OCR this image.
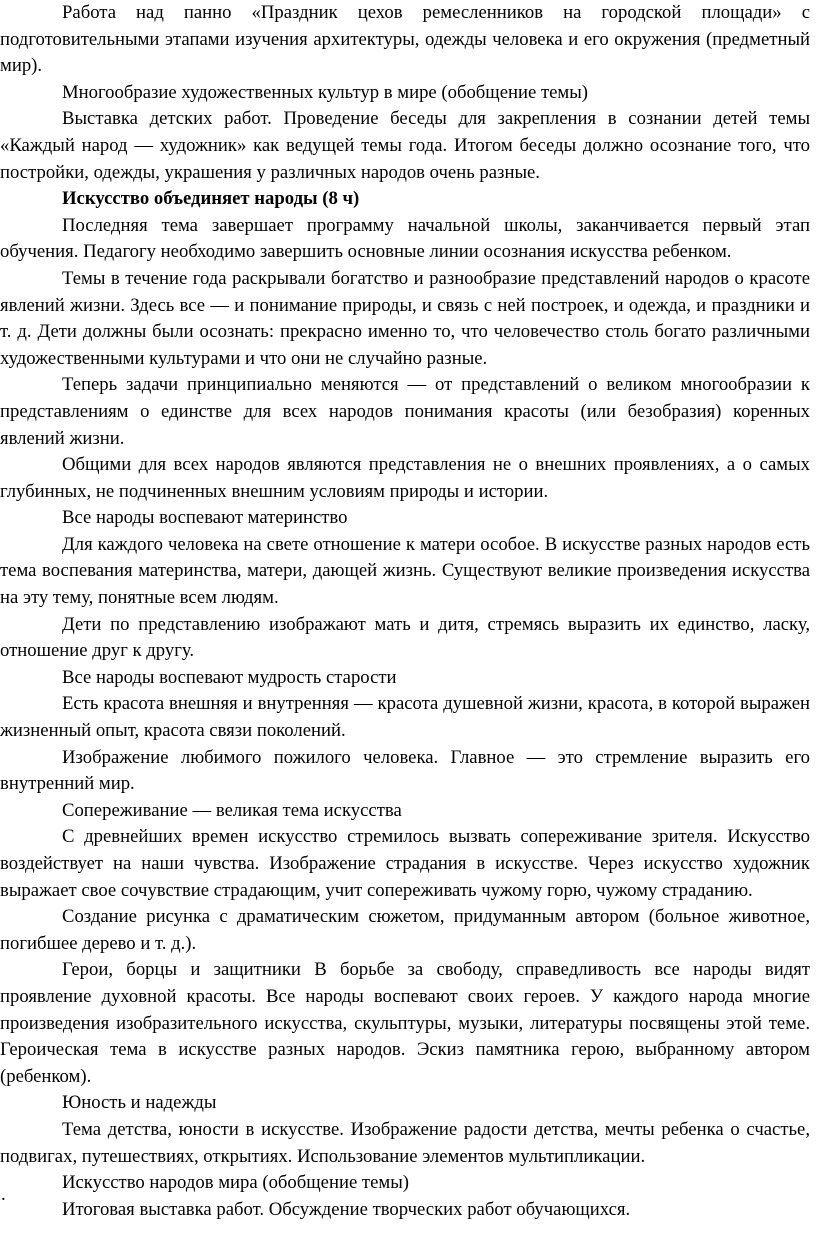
Работа над панно «Праздник цехов ремесленников на городской площади» с подготовительными этапами изучения архитектуры, одежды человека и его окружения (предметный мир).

Многообразие художественных культур в мире (обобщение темы)

Выставка детских работ. Проведение беседы для закрепления в сознании детей темы «Каждый народ — художник» как ведущей темы года. Итогом беседы должно осознание того, что постройки, одежды, украшения у различных народов очень разные.

Искусство объединяет народы (8 ч)

Последняя тема завершает программу начальной школы, заканчивается первый этап обучения. Педагогу необходимо завершить основные линии осознания искусства ребенком.

Темы в течение года раскрывали богатство и разнообразие представлений народов о красоте явлений жизни. Здесь все — и понимание природы, и связь с ней построек, и одежда, и праздники и т. д. Дети должны были осознать: прекрасно именно то, что человечество столь богато различными художественными культурами и что они не случайно разные.

Теперь задачи принципиально меняются — от представлений о великом многообразии к представлениям о единстве для всех народов понимания красоты (или безобразия) коренных явлений жизни.

Общими для всех народов являются представления не о внешних проявлениях, а о самых глубинных, не подчиненных внешним условиям природы и истории.

Все народы воспевают материнство

Для каждого человека на свете отношение к матери особое. В искусстве разных народов есть тема воспевания материнства, матери, дающей жизнь. Существуют великие произведения искусства на эту тему, понятные всем людям.

Дети по представлению изображают мать и дитя, стремясь выразить их единство, ласку, отношение друг к другу.

Все народы воспевают мудрость старости

Есть красота внешняя и внутренняя — красота душевной жизни, красота, в которой выражен жизненный опыт, красота связи поколений.

Изображение любимого пожилого человека. Главное — это стремление выразить его внутренний мир.

Сопереживание — великая тема искусства

С древнейших времен искусство стремилось вызвать сопереживание зрителя. Искусство воздействует на наши чувства. Изображение страдания в искусстве. Через искусство художник выражает свое сочувствие страдающим, учит сопереживать чужому горю, чужому страданию.

Создание рисунка с драматическим сюжетом, придуманным автором (больное животное, погибшее дерево и т. д.).

Герои, борцы и защитники В борьбе за свободу, справедливость все народы видят проявление духовной красоты. Все народы воспевают своих героев. У каждого народа многие произведения изобразительного искусства, скульптуры, музыки, литературы посвящены этой теме. Героическая тема в искусстве разных народов. Эскиз памятника герою, выбранному автором (ребенком).

Юность и надежды

Тема детства, юности в искусстве. Изображение радости детства, мечты ребенка о счастье, подвигах, путешествиях, открытиях. Использование элементов мультипликации.

Искусство народов мира (обобщение темы)

Итоговая выставка работ. Обсуждение творческих работ обучающихся.

.
